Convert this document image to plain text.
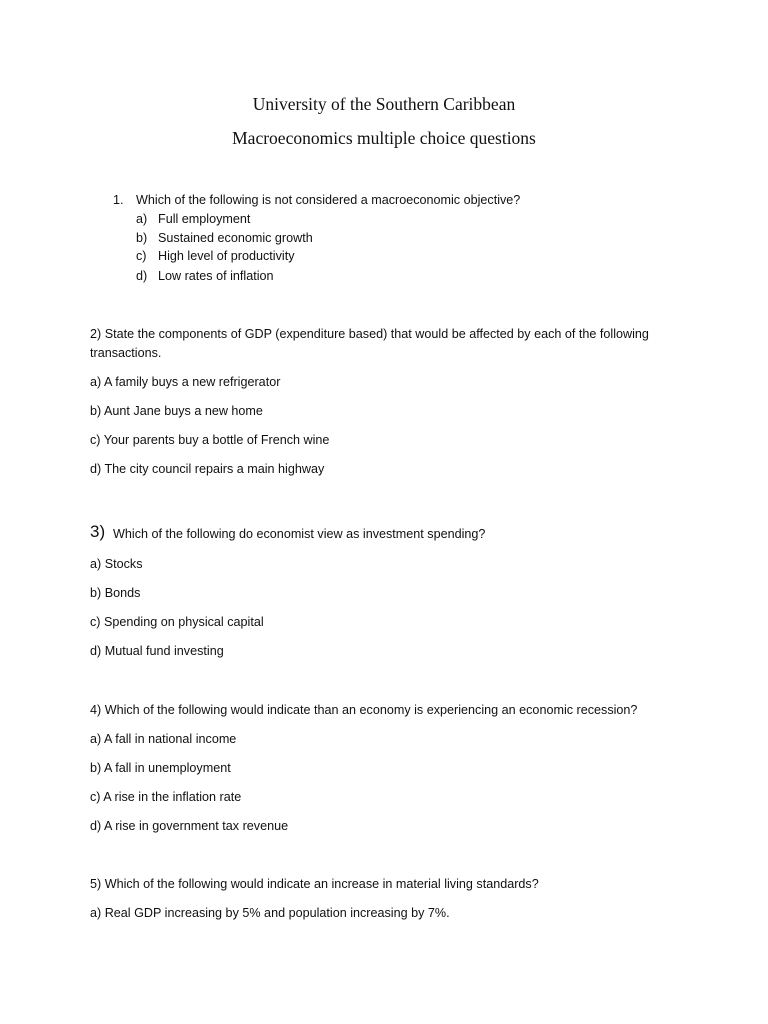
University of the Southern Caribbean
Macroeconomics multiple choice questions
1. Which of the following is not considered a macroeconomic objective?
a) Full employment
b) Sustained economic growth
c) High level of productivity
d) Low rates of inflation
2) State the components of GDP (expenditure based) that would be affected by each of the following
transactions.
a) A family buys a new refrigerator
b) Aunt Jane buys a new home
c) Your parents buy a bottle of French wine
d) The city council repairs a main highway
3) Which of the following do economist view as investment spending?
a) Stocks
b) Bonds
c) Spending on physical capital
d) Mutual fund investing
4) Which of the following would indicate than an economy is experiencing an economic recession?
a) A fall in national income
b) A fall in unemployment
c) A rise in the inflation rate
d) A rise in government tax revenue
5) Which of the following would indicate an increase in material living standards?
a) Real GDP increasing by 5% and population increasing by 7%.
